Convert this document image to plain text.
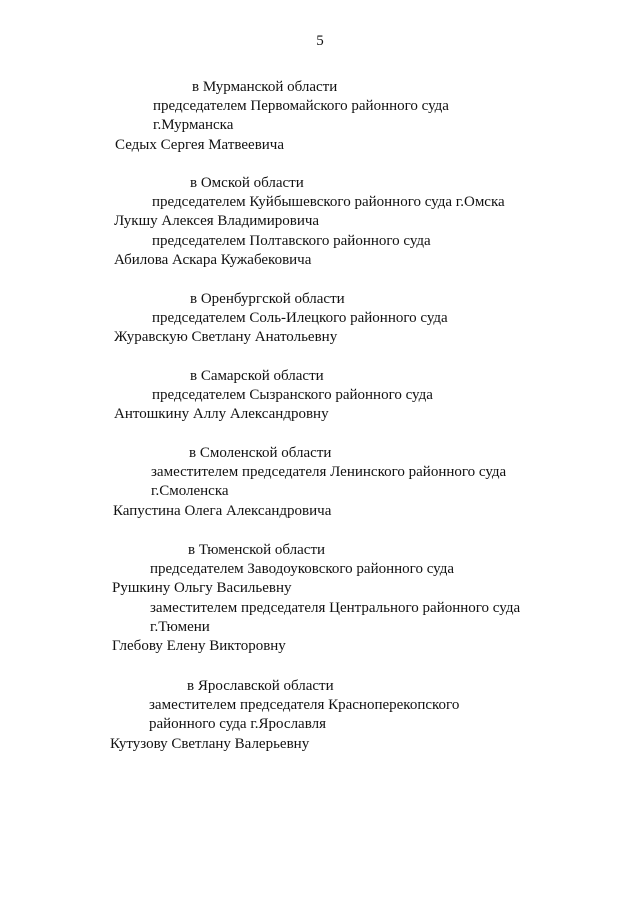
5
в Мурманской области
председателем Первомайского районного суда
г.Мурманска
Седых Сергея Матвеевича
в Омской области
председателем Куйбышевского районного суда г.Омска
Лукшу Алексея Владимировича
председателем Полтавского районного суда
Абилова Аскара Кужабековича
в Оренбургской области
председателем Соль-Илецкого районного суда
Журавскую Светлану Анатольевну
в Самарской области
председателем Сызранского районного суда
Антошкину Аллу Александровну
в Смоленской области
заместителем председателя Ленинского районного суда
г.Смоленска
Капустина Олега Александровича
в Тюменской области
председателем Заводоуковского районного суда
Рушкину Ольгу Васильевну
заместителем председателя Центрального районного суда
г.Тюмени
Глебову Елену Викторовну
в Ярославской области
заместителем председателя Красноперекопского
районного суда г.Ярославля
Кутузову Светлану Валерьевну
